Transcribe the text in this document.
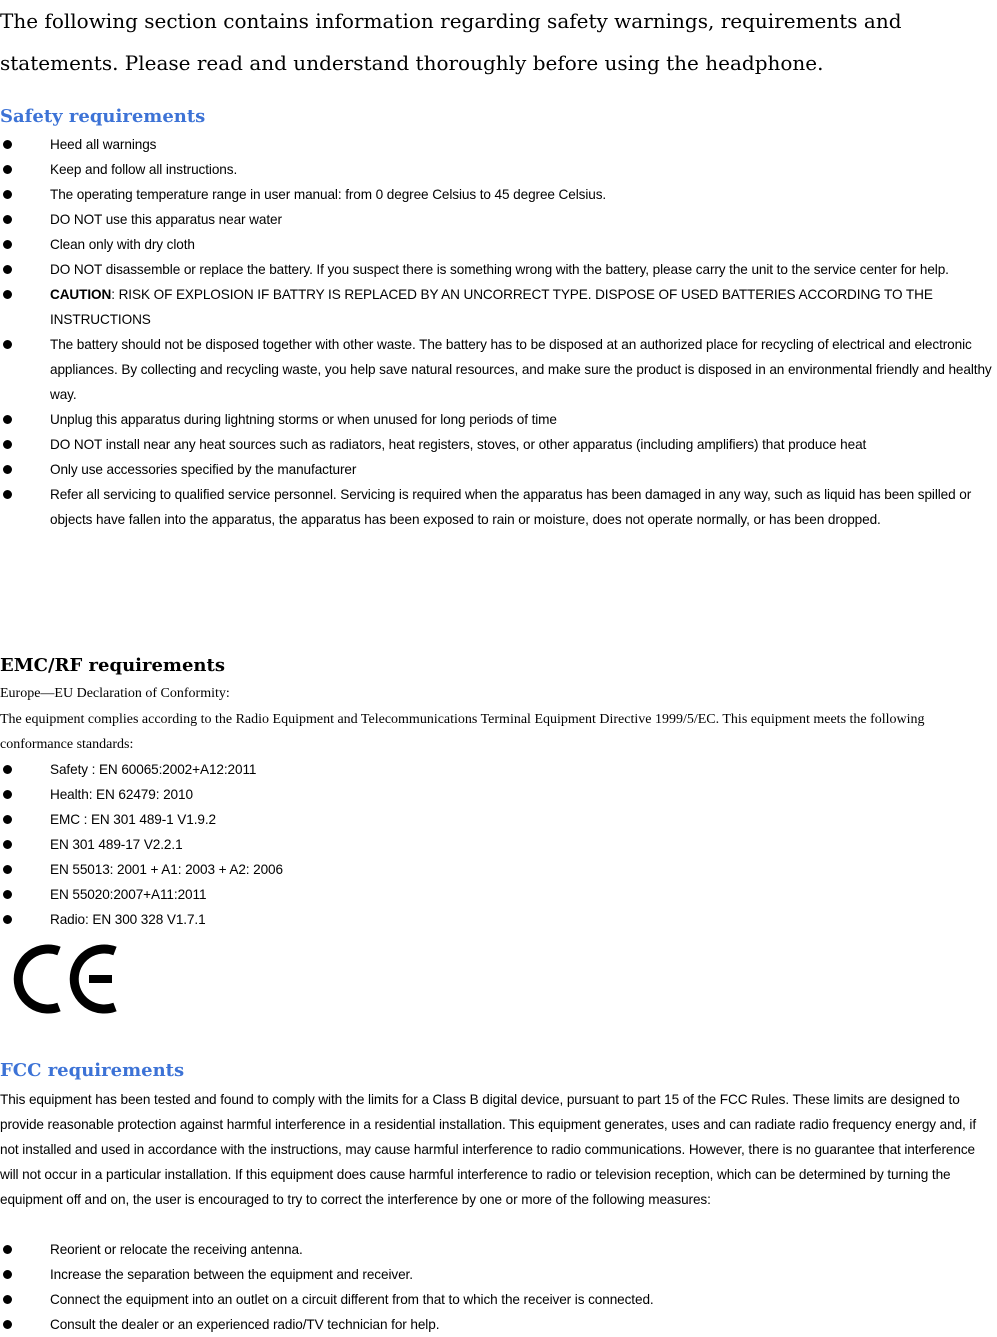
The following section contains information regarding safety warnings, requirements and statements. Please read and understand thoroughly before using the headphone.

Safety requirements
Heed all warnings
Keep and follow all instructions.
The operating temperature range in user manual: from 0 degree Celsius to 45 degree Celsius.
DO NOT use this apparatus near water
Clean only with dry cloth
DO NOT disassemble or replace the battery. If you suspect there is something wrong with the battery, please carry the unit to the service center for help.
CAUTION: RISK OF EXPLOSION IF BATTRY IS REPLACED BY AN UNCORRECT TYPE. DISPOSE OF USED BATTERIES ACCORDING TO THE INSTRUCTIONS
The battery should not be disposed together with other waste. The battery has to be disposed at an authorized place for recycling of electrical and electronic appliances. By collecting and recycling waste, you help save natural resources, and make sure the product is disposed in an environmental friendly and healthy way.
Unplug this apparatus during lightning storms or when unused for long periods of time
DO NOT install near any heat sources such as radiators, heat registers, stoves, or other apparatus (including amplifiers) that produce heat
Only use accessories specified by the manufacturer
Refer all servicing to qualified service personnel. Servicing is required when the apparatus has been damaged in any way, such as liquid has been spilled or objects have fallen into the apparatus, the apparatus has been exposed to rain or moisture, does not operate normally, or has been dropped.
EMC/RF requirements

Europe—EU Declaration of Conformity:

The equipment complies according to the Radio Equipment and Telecommunications Terminal Equipment Directive 1999/5/EC. This equipment meets the following conformance standards:

Safety : EN 60065:2002+A12:2011
Health: EN 62479: 2010
EMC : EN 301 489-1 V1.9.2
EN 301 489-17 V2.2.1
EN 55013: 2001 + A1: 2003 + A2: 2006
EN 55020:2007+A11:2011
Radio: EN 300 328 V1.7.1
FCC requirements

This equipment has been tested and found to comply with the limits for a Class B digital device, pursuant to part 15 of the FCC Rules. These limits are designed to provide reasonable protection against harmful interference in a residential installation. This equipment generates, uses and can radiate radio frequency energy and, if not installed and used in accordance with the instructions, may cause harmful interference to radio communications. However, there is no guarantee that interference will not occur in a particular installation. If this equipment does cause harmful interference to radio or television reception, which can be determined by turning the equipment off and on, the user is encouraged to try to correct the interference by one or more of the following measures:

Reorient or relocate the receiving antenna.
Increase the separation between the equipment and receiver.
Connect the equipment into an outlet on a circuit different from that to which the receiver is connected.
Consult the dealer or an experienced radio/TV technician for help.
